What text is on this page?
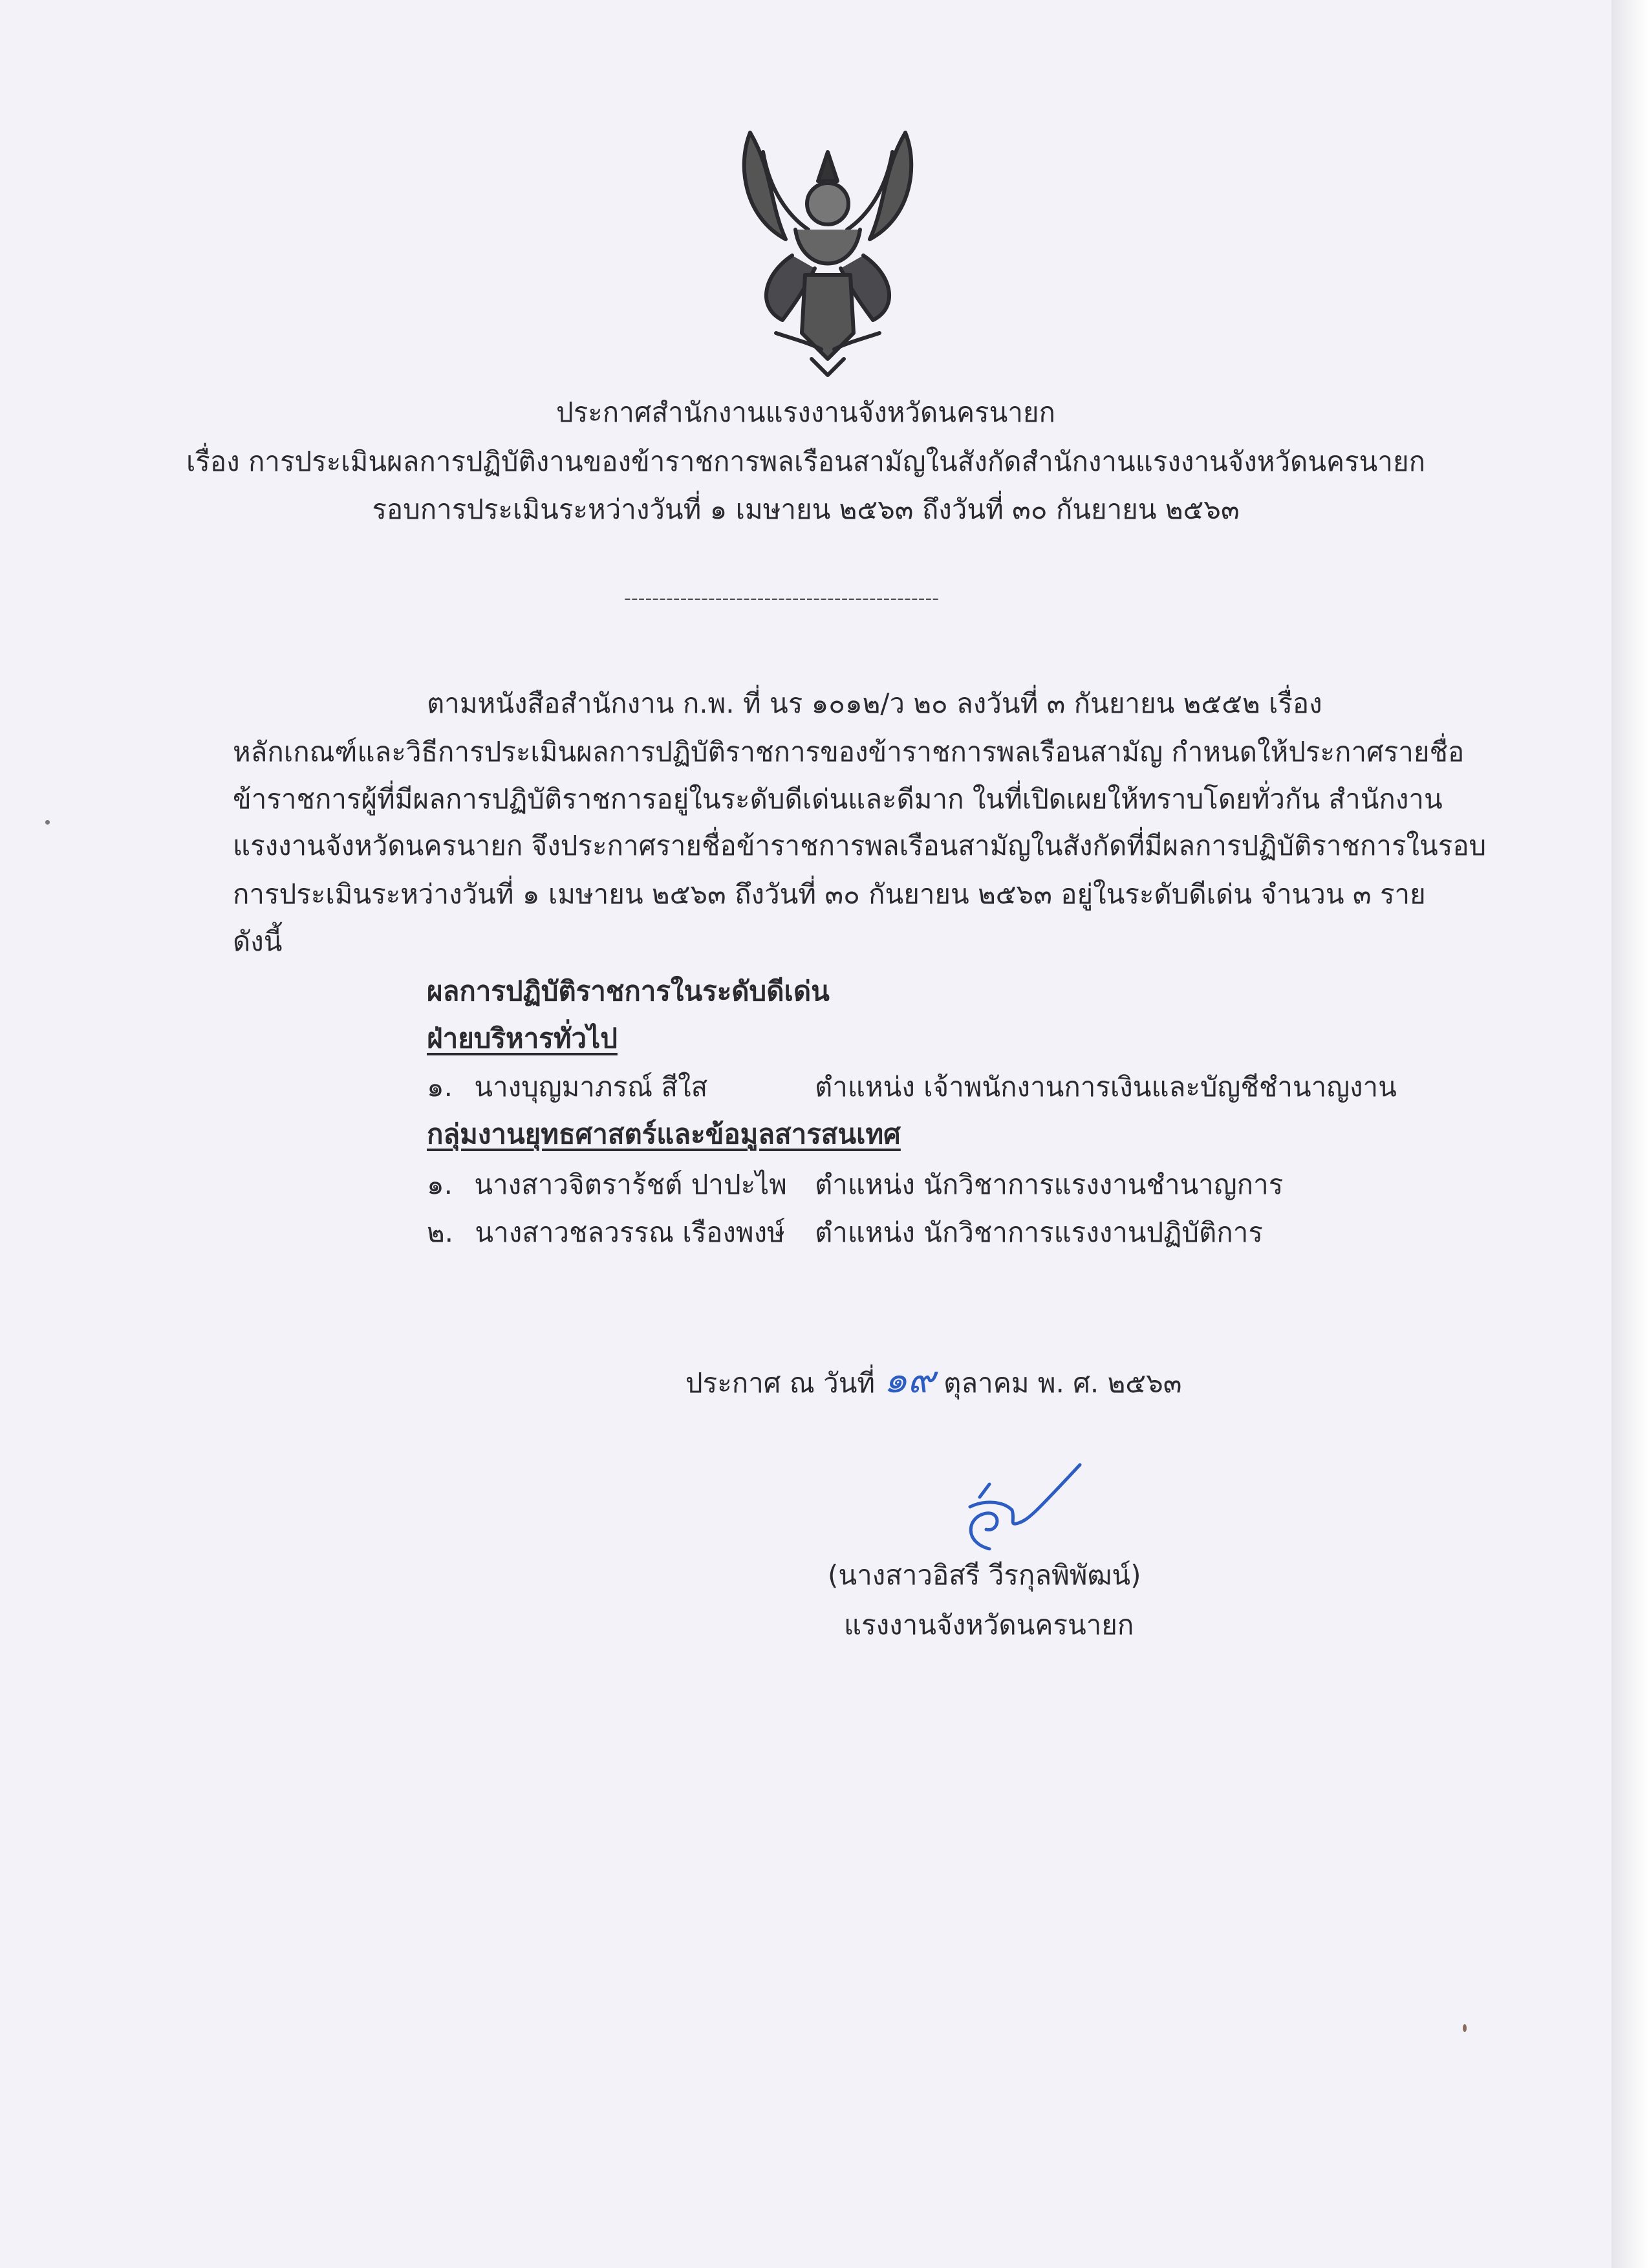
ประกาศสำนักงานแรงงานจังหวัดนครนายก
เรื่อง การประเมินผลการปฏิบัติงานของข้าราชการพลเรือนสามัญในสังกัดสำนักงานแรงงานจังหวัดนครนายก
รอบการประเมินระหว่างวันที่ ๑ เมษายน ๒๕๖๓ ถึงวันที่ ๓๐ กันยายน ๒๕๖๓
---------------------------------------------
ตามหนังสือสำนักงาน ก.พ. ที่ นร ๑๐๑๒/ว ๒๐ ลงวันที่ ๓ กันยายน ๒๕๕๒ เรื่อง
หลักเกณฑ์และวิธีการประเมินผลการปฏิบัติราชการของข้าราชการพลเรือนสามัญ กำหนดให้ประกาศรายชื่อ
ข้าราชการผู้ที่มีผลการปฏิบัติราชการอยู่ในระดับดีเด่นและดีมาก ในที่เปิดเผยให้ทราบโดยทั่วกัน สำนักงาน
แรงงานจังหวัดนครนายก จึงประกาศรายชื่อข้าราชการพลเรือนสามัญในสังกัดที่มีผลการปฏิบัติราชการในรอบ
การประเมินระหว่างวันที่ ๑ เมษายน ๒๕๖๓ ถึงวันที่ ๓๐ กันยายน ๒๕๖๓ อยู่ในระดับดีเด่น จำนวน ๓ ราย
ดังนี้
ผลการปฏิบัติราชการในระดับดีเด่น
ฝ่ายบริหารทั่วไป
๑. นางบุญมาภรณ์ สีใส	ตำแหน่ง เจ้าพนักงานการเงินและบัญชีชำนาญงาน
กลุ่มงานยุทธศาสตร์และข้อมูลสารสนเทศ
๑. นางสาวจิตราร้ชต์ ปาปะไพ ตำแหน่ง นักวิชาการแรงงานชำนาญการ
๒. นางสาวชลวรรณ เรืองพงษ์ ตำแหน่ง นักวิชาการแรงงานปฏิบัติการ
ประกาศ ณ วันที่ ๑๙ ตุลาคม พ. ศ. ๒๕๖๓
(นางสาวอิสรี วีรกุลพิพัฒน์)
แรงงานจังหวัดนครนายก
